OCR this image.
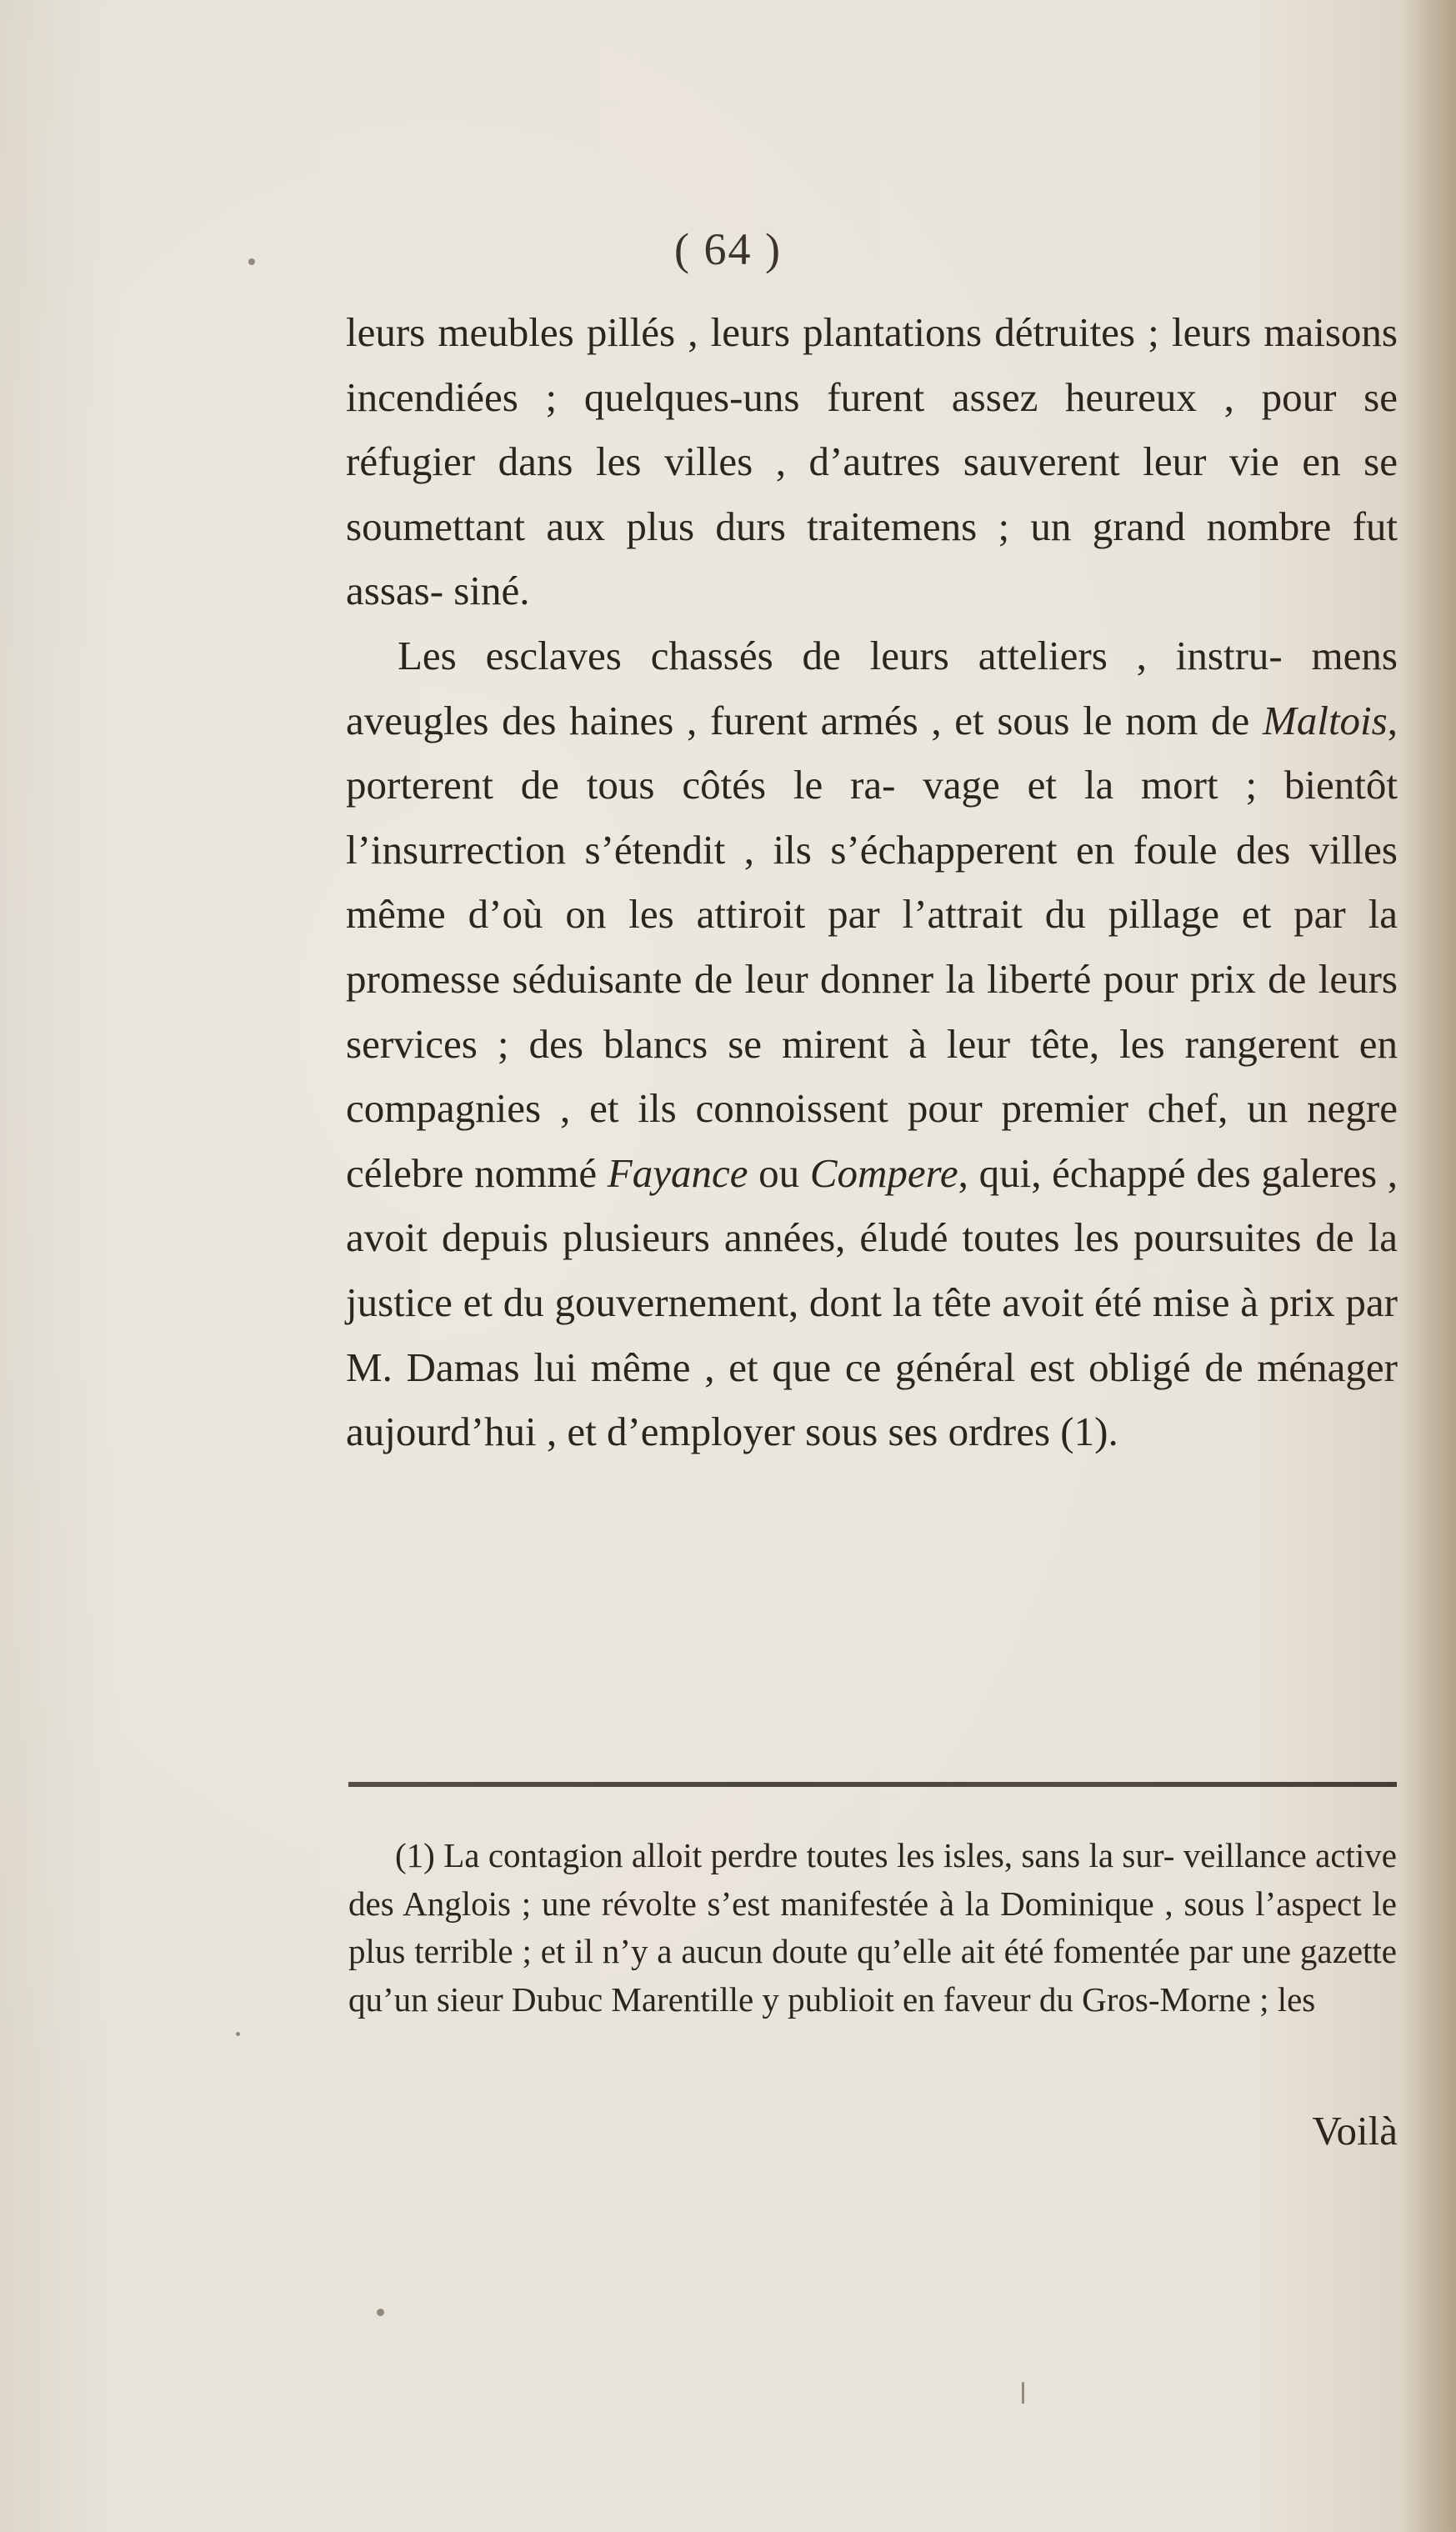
( 64 )

leurs meubles pillés , leurs plantations détruites ; leurs maisons incendiées ; quelques-uns furent assez heureux , pour se réfugier dans les villes , d’autres sauverent leur vie en se soumettant aux plus durs traitemens ; un grand nombre fut assas- siné.

Les esclaves chassés de leurs atteliers , instru- mens aveugles des haines , furent armés , et sous le nom de Maltois, porterent de tous côtés le ra- vage et la mort ; bientôt l’insurrection s’étendit , ils s’échapperent en foule des villes même d’où on les attiroit par l’attrait du pillage et par la promesse séduisante de leur donner la liberté pour prix de leurs services ; des blancs se mirent à leur tête, les rangerent en compagnies , et ils connoissent pour premier chef, un negre célebre nommé Fayance ou Compere, qui, échappé des galeres , avoit depuis plusieurs années, éludé toutes les poursuites de la justice et du gouvernement, dont la tête avoit été mise à prix par M. Damas lui même , et que ce général est obligé de ménager aujourd’hui , et d’employer sous ses ordres (1).

(1) La contagion alloit perdre toutes les isles, sans la sur- veillance active des Anglois ; une révolte s’est manifestée à la Dominique , sous l’aspect le plus terrible ; et il n’y a aucun doute qu’elle ait été fomentée par une gazette qu’un sieur Dubuc Marentille y publioit en faveur du Gros-Morne ; les

Voilà
